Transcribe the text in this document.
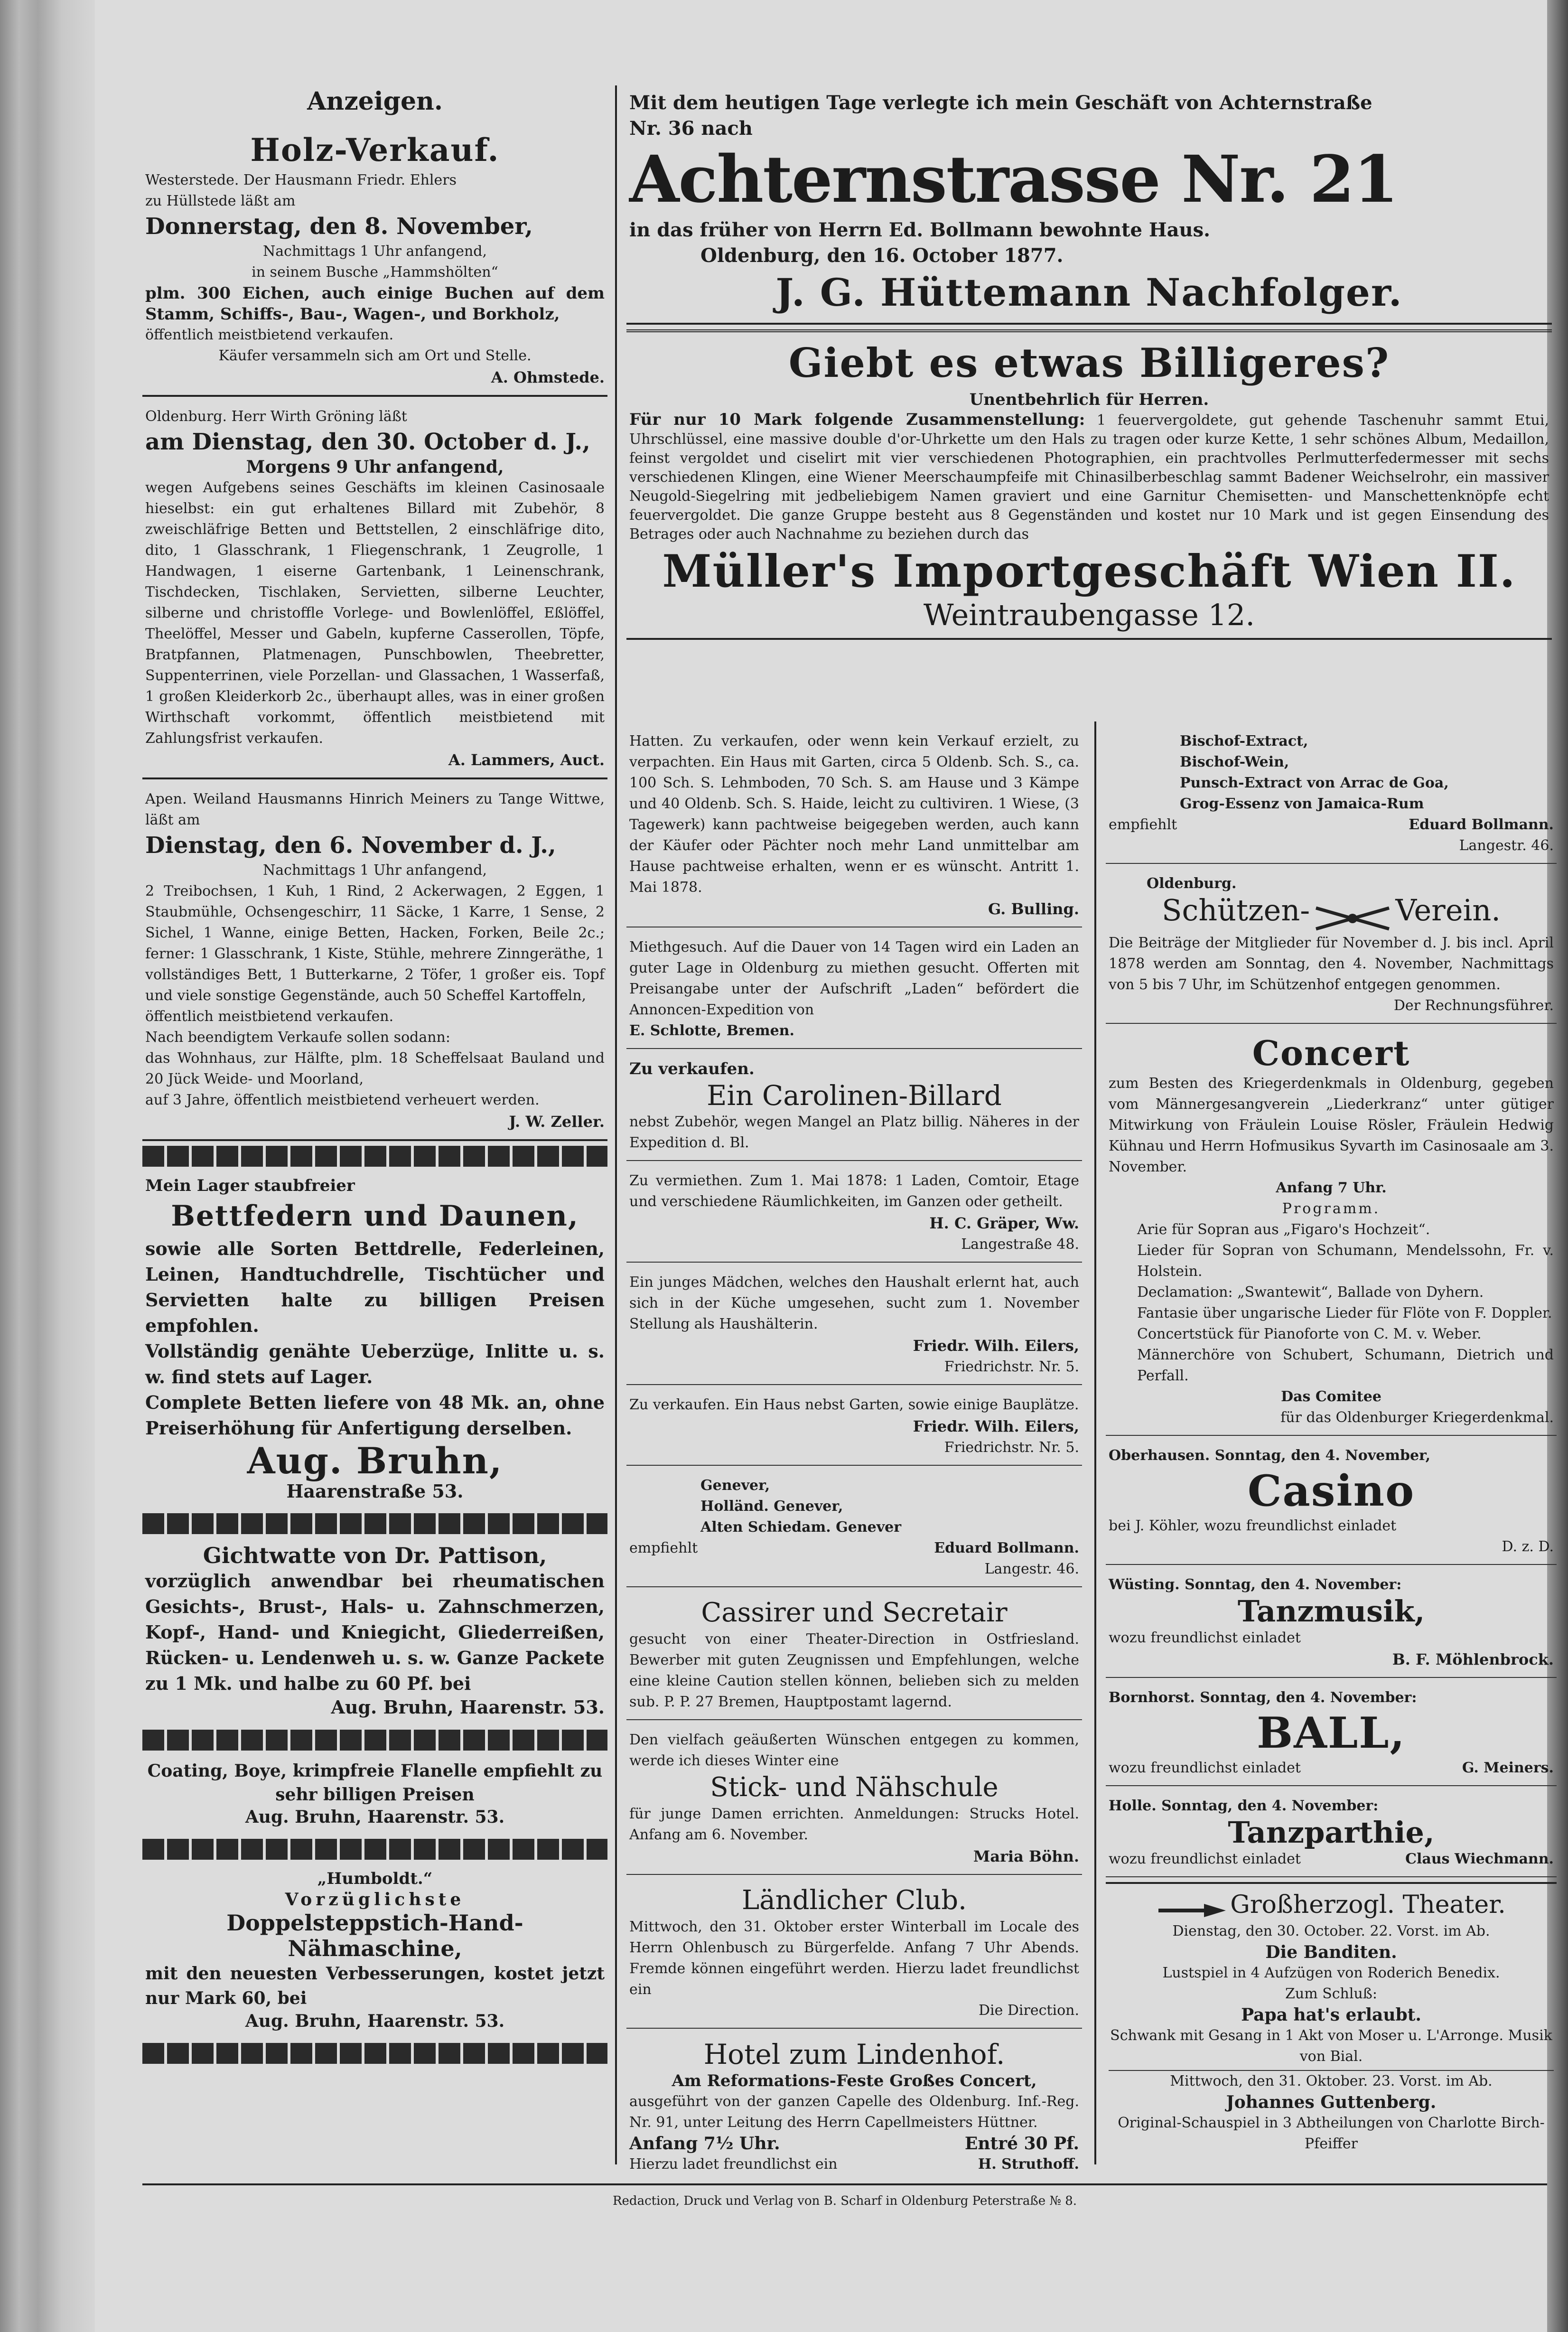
Anzeigen.
Holz-Verkauf.
Westerstede. Der Hausmann Friedr. Ehlers
zu Hüllstede läßt am
Donnerstag, den 8. November,
Nachmittags 1 Uhr anfangend,
in seinem Busche „Hammshölten“
plm. 300 Eichen, auch einige Buchen auf dem Stamm, Schiffs-, Bau-, Wagen-, und Borkholz,
öffentlich meistbietend verkaufen.
Käufer versammeln sich am Ort und Stelle.
A. Ohmstede.
Oldenburg. Herr Wirth Gröning läßt
am Dienstag, den 30. October d. J.,
Morgens 9 Uhr anfangend,
wegen Aufgebens seines Geschäfts im kleinen Casinosaale hieselbst: ein gut erhaltenes Billard mit Zubehör, 8 zweischläfrige Betten und Bettstellen, 2 einschläfrige dito, dito, 1 Glasschrank, 1 Fliegenschrank, 1 Zeugrolle, 1 Handwagen, 1 eiserne Gartenbank, 1 Leinenschrank, Tischdecken, Tischlaken, Servietten, silberne Leuchter, silberne und christoffle Vorlege- und Bowlenlöffel, Eßlöffel, Theelöffel, Messer und Gabeln, kupferne Casserollen, Töpfe, Bratpfannen, Platmenagen, Punschbowlen, Theebretter, Suppenterrinen, viele Porzellan- und Glassachen, 1 Wasserfaß, 1 großen Kleiderkorb 2c., überhaupt alles, was in einer großen Wirthschaft vorkommt, öffentlich meistbietend mit Zahlungsfrist verkaufen.
A. Lammers, Auct.
Apen. Weiland Hausmanns Hinrich Meiners zu Tange Wittwe, läßt am
Dienstag, den 6. November d. J.,
Nachmittags 1 Uhr anfangend,
2 Treibochsen, 1 Kuh, 1 Rind, 2 Ackerwagen, 2 Eggen, 1 Staubmühle, Ochsengeschirr, 11 Säcke, 1 Karre, 1 Sense, 2 Sichel, 1 Wanne, einige Betten, Hacken, Forken, Beile 2c.; ferner: 1 Glasschrank, 1 Kiste, Stühle, mehrere Zinngeräthe, 1 vollständiges Bett, 1 Butterkarne, 2 Töfer, 1 großer eis. Topf und viele sonstige Gegenstände, auch 50 Scheffel Kartoffeln,
öffentlich meistbietend verkaufen.
Nach beendigtem Verkaufe sollen sodann:
das Wohnhaus, zur Hälfte, plm. 18 Scheffelsaat Bauland und 20 Jück Weide- und Moorland,
auf 3 Jahre, öffentlich meistbietend verheuert werden.
J. W. Zeller.
Mein Lager staubfreier
Bettfedern und Daunen,
sowie alle Sorten Bettdrelle, Federleinen, Leinen, Handtuchdrelle, Tischtücher und Servietten halte zu billigen Preisen empfohlen.
Vollständig genähte Ueberzüge, Inlitte u. s. w. find stets auf Lager.
Complete Betten liefere von 48 Mk. an, ohne Preiserhöhung für Anfertigung derselben.
Aug. Bruhn,
Haarenstraße 53.
Gichtwatte von Dr. Pattison,
vorzüglich anwendbar bei rheumatischen Gesichts-, Brust-, Hals- u. Zahnschmerzen, Kopf-, Hand- und Kniegicht, Gliederreißen, Rücken- u. Lendenweh u. s. w. Ganze Packete zu 1 Mk. und halbe zu 60 Pf. bei
Aug. Bruhn, Haarenstr. 53.
Coating, Boye, krimpfreie Flanelle empfiehlt zu sehr billigen Preisen
Aug. Bruhn, Haarenstr. 53.
„Humboldt.“
Vorzüglichste
Doppelsteppstich-Hand-Nähmaschine,
mit den neuesten Verbesserungen, kostet jetzt nur Mark 60, bei
Aug. Bruhn, Haarenstr. 53.
Mit dem heutigen Tage verlegte ich mein Geschäft von Achternstraße
Nr. 36 nach
Achternstrasse Nr. 21
in das früher von Herrn Ed. Bollmann bewohnte Haus.
Oldenburg, den 16. October 1877.
J. G. Hüttemann Nachfolger.
Giebt es etwas Billigeres?
Unentbehrlich für Herren.
Für nur 10 Mark folgende Zusammenstellung: 1 feuervergoldete, gut gehende Taschenuhr sammt Etui, Uhrschlüssel, eine massive double d'or-Uhrkette um den Hals zu tragen oder kurze Kette, 1 sehr schönes Album, Medaillon, feinst vergoldet und ciselirt mit vier verschiedenen Photographien, ein prachtvolles Perlmutterfedermesser mit sechs verschiedenen Klingen, eine Wiener Meerschaumpfeife mit Chinasilberbeschlag sammt Badener Weichselrohr, ein massiver Neugold-Siegelring mit jedbeliebigem Namen graviert und eine Garnitur Chemisetten- und Manschettenknöpfe echt feuervergoldet. Die ganze Gruppe besteht aus 8 Gegenständen und kostet nur 10 Mark und ist gegen Einsendung des Betrages oder auch Nachnahme zu beziehen durch das
Müller's Importgeschäft Wien II.
Weintraubengasse 12.
Hatten. Zu verkaufen, oder wenn kein Verkauf erzielt, zu verpachten. Ein Haus mit Garten, circa 5 Oldenb. Sch. S., ca. 100 Sch. S. Lehmboden, 70 Sch. S. am Hause und 3 Kämpe und 40 Oldenb. Sch. S. Haide, leicht zu cultiviren. 1 Wiese, (3 Tagewerk) kann pachtweise beigegeben werden, auch kann der Käufer oder Pächter noch mehr Land unmittelbar am Hause pachtweise erhalten, wenn er es wünscht. Antritt 1. Mai 1878.
G. Bulling.
Miethgesuch. Auf die Dauer von 14 Tagen wird ein Laden an guter Lage in Oldenburg zu miethen gesucht. Offerten mit Preisangabe unter der Aufschrift „Laden“ befördert die Annoncen-Expedition von
E. Schlotte, Bremen.
Zu verkaufen.
Ein Carolinen-Billard
nebst Zubehör, wegen Mangel an Platz billig. Näheres in der Expedition d. Bl.
Zu vermiethen. Zum 1. Mai 1878: 1 Laden, Comtoir, Etage und verschiedene Räumlichkeiten, im Ganzen oder getheilt.
H. C. Gräper, Ww.
Langestraße 48.
Ein junges Mädchen, welches den Haushalt erlernt hat, auch sich in der Küche umgesehen, sucht zum 1. November Stellung als Haushälterin.
Friedr. Wilh. Eilers,
Friedrichstr. Nr. 5.
Zu verkaufen. Ein Haus nebst Garten, sowie einige Bauplätze.
Friedr. Wilh. Eilers,
Friedrichstr. Nr. 5.
Genever,
Holländ. Genever,
Alten Schiedam. Genever
empfiehlt	Eduard Bollmann.
Langestr. 46.
Cassirer und Secretair
gesucht von einer Theater-Direction in Ostfriesland. Bewerber mit guten Zeugnissen und Empfehlungen, welche eine kleine Caution stellen können, belieben sich zu melden sub. P. P. 27 Bremen, Hauptpostamt lagernd.
Den vielfach geäußerten Wünschen entgegen zu kommen, werde ich dieses Winter eine
Stick- und Nähschule
für junge Damen errichten. Anmeldungen: Strucks Hotel. Anfang am 6. November.
Maria Böhn.
Ländlicher Club.
Mittwoch, den 31. Oktober erster Winterball im Locale des Herrn Ohlenbusch zu Bürgerfelde. Anfang 7 Uhr Abends. Fremde können eingeführt werden. Hierzu ladet freundlichst ein
Die Direction.
Hotel zum Lindenhof.
Am Reformations-Feste Großes Concert,
ausgeführt von der ganzen Capelle des Oldenburg. Inf.-Reg. Nr. 91, unter Leitung des Herrn Capellmeisters Hüttner.
Anfang 7½ Uhr.	Entré 30 Pf.
Hierzu ladet freundlichst ein	H. Struthoff.
Bischof-Extract,
Bischof-Wein,
Punsch-Extract von Arrac de Goa,
Grog-Essenz von Jamaica-Rum
empfiehlt	Eduard Bollmann.
Langestr. 46.
Oldenburg.
Schützen-	Verein.
Die Beiträge der Mitglieder für November d. J. bis incl. April 1878 werden am Sonntag, den 4. November, Nachmittags von 5 bis 7 Uhr, im Schützenhof entgegen genommen.
Der Rechnungsführer.
Concert
zum Besten des Kriegerdenkmals in Oldenburg, gegeben vom Männergesangverein „Liederkranz“ unter gütiger Mitwirkung von Fräulein Louise Rösler, Fräulein Hedwig Kühnau und Herrn Hofmusikus Syvarth im Casinosaale am 3. November.
Anfang 7 Uhr.
Programm.
Arie für Sopran aus „Figaro's Hochzeit“.
Lieder für Sopran von Schumann, Mendelssohn, Fr. v. Holstein.
Declamation: „Swantewit“, Ballade von Dyhern.
Fantasie über ungarische Lieder für Flöte von F. Doppler.
Concertstück für Pianoforte von C. M. v. Weber.
Männerchöre von Schubert, Schumann, Dietrich und Perfall.
Das Comitee
für das Oldenburger Kriegerdenkmal.
Oberhausen. Sonntag, den 4. November,
Casino
bei J. Köhler, wozu freundlichst einladet
D. z. D.
Wüsting. Sonntag, den 4. November:
Tanzmusik,
wozu freundlichst einladet
B. F. Möhlenbrock.
Bornhorst. Sonntag, den 4. November:
BALL,
wozu freundlichst einladet	G. Meiners.
Holle. Sonntag, den 4. November:
Tanzparthie,
wozu freundlichst einladet	Claus Wiechmann.
Großherzogl. Theater.
Dienstag, den 30. October. 22. Vorst. im Ab.
Die Banditen.
Lustspiel in 4 Aufzügen von Roderich Benedix.
Zum Schluß:
Papa hat's erlaubt.
Schwank mit Gesang in 1 Akt von Moser u. L'Arronge. Musik von Bial.
Mittwoch, den 31. Oktober. 23. Vorst. im Ab.
Johannes Guttenberg.
Original-Schauspiel in 3 Abtheilungen von Charlotte Birch-Pfeiffer
Redaction, Druck und Verlag von B. Scharf in Oldenburg Peterstraße № 8.
